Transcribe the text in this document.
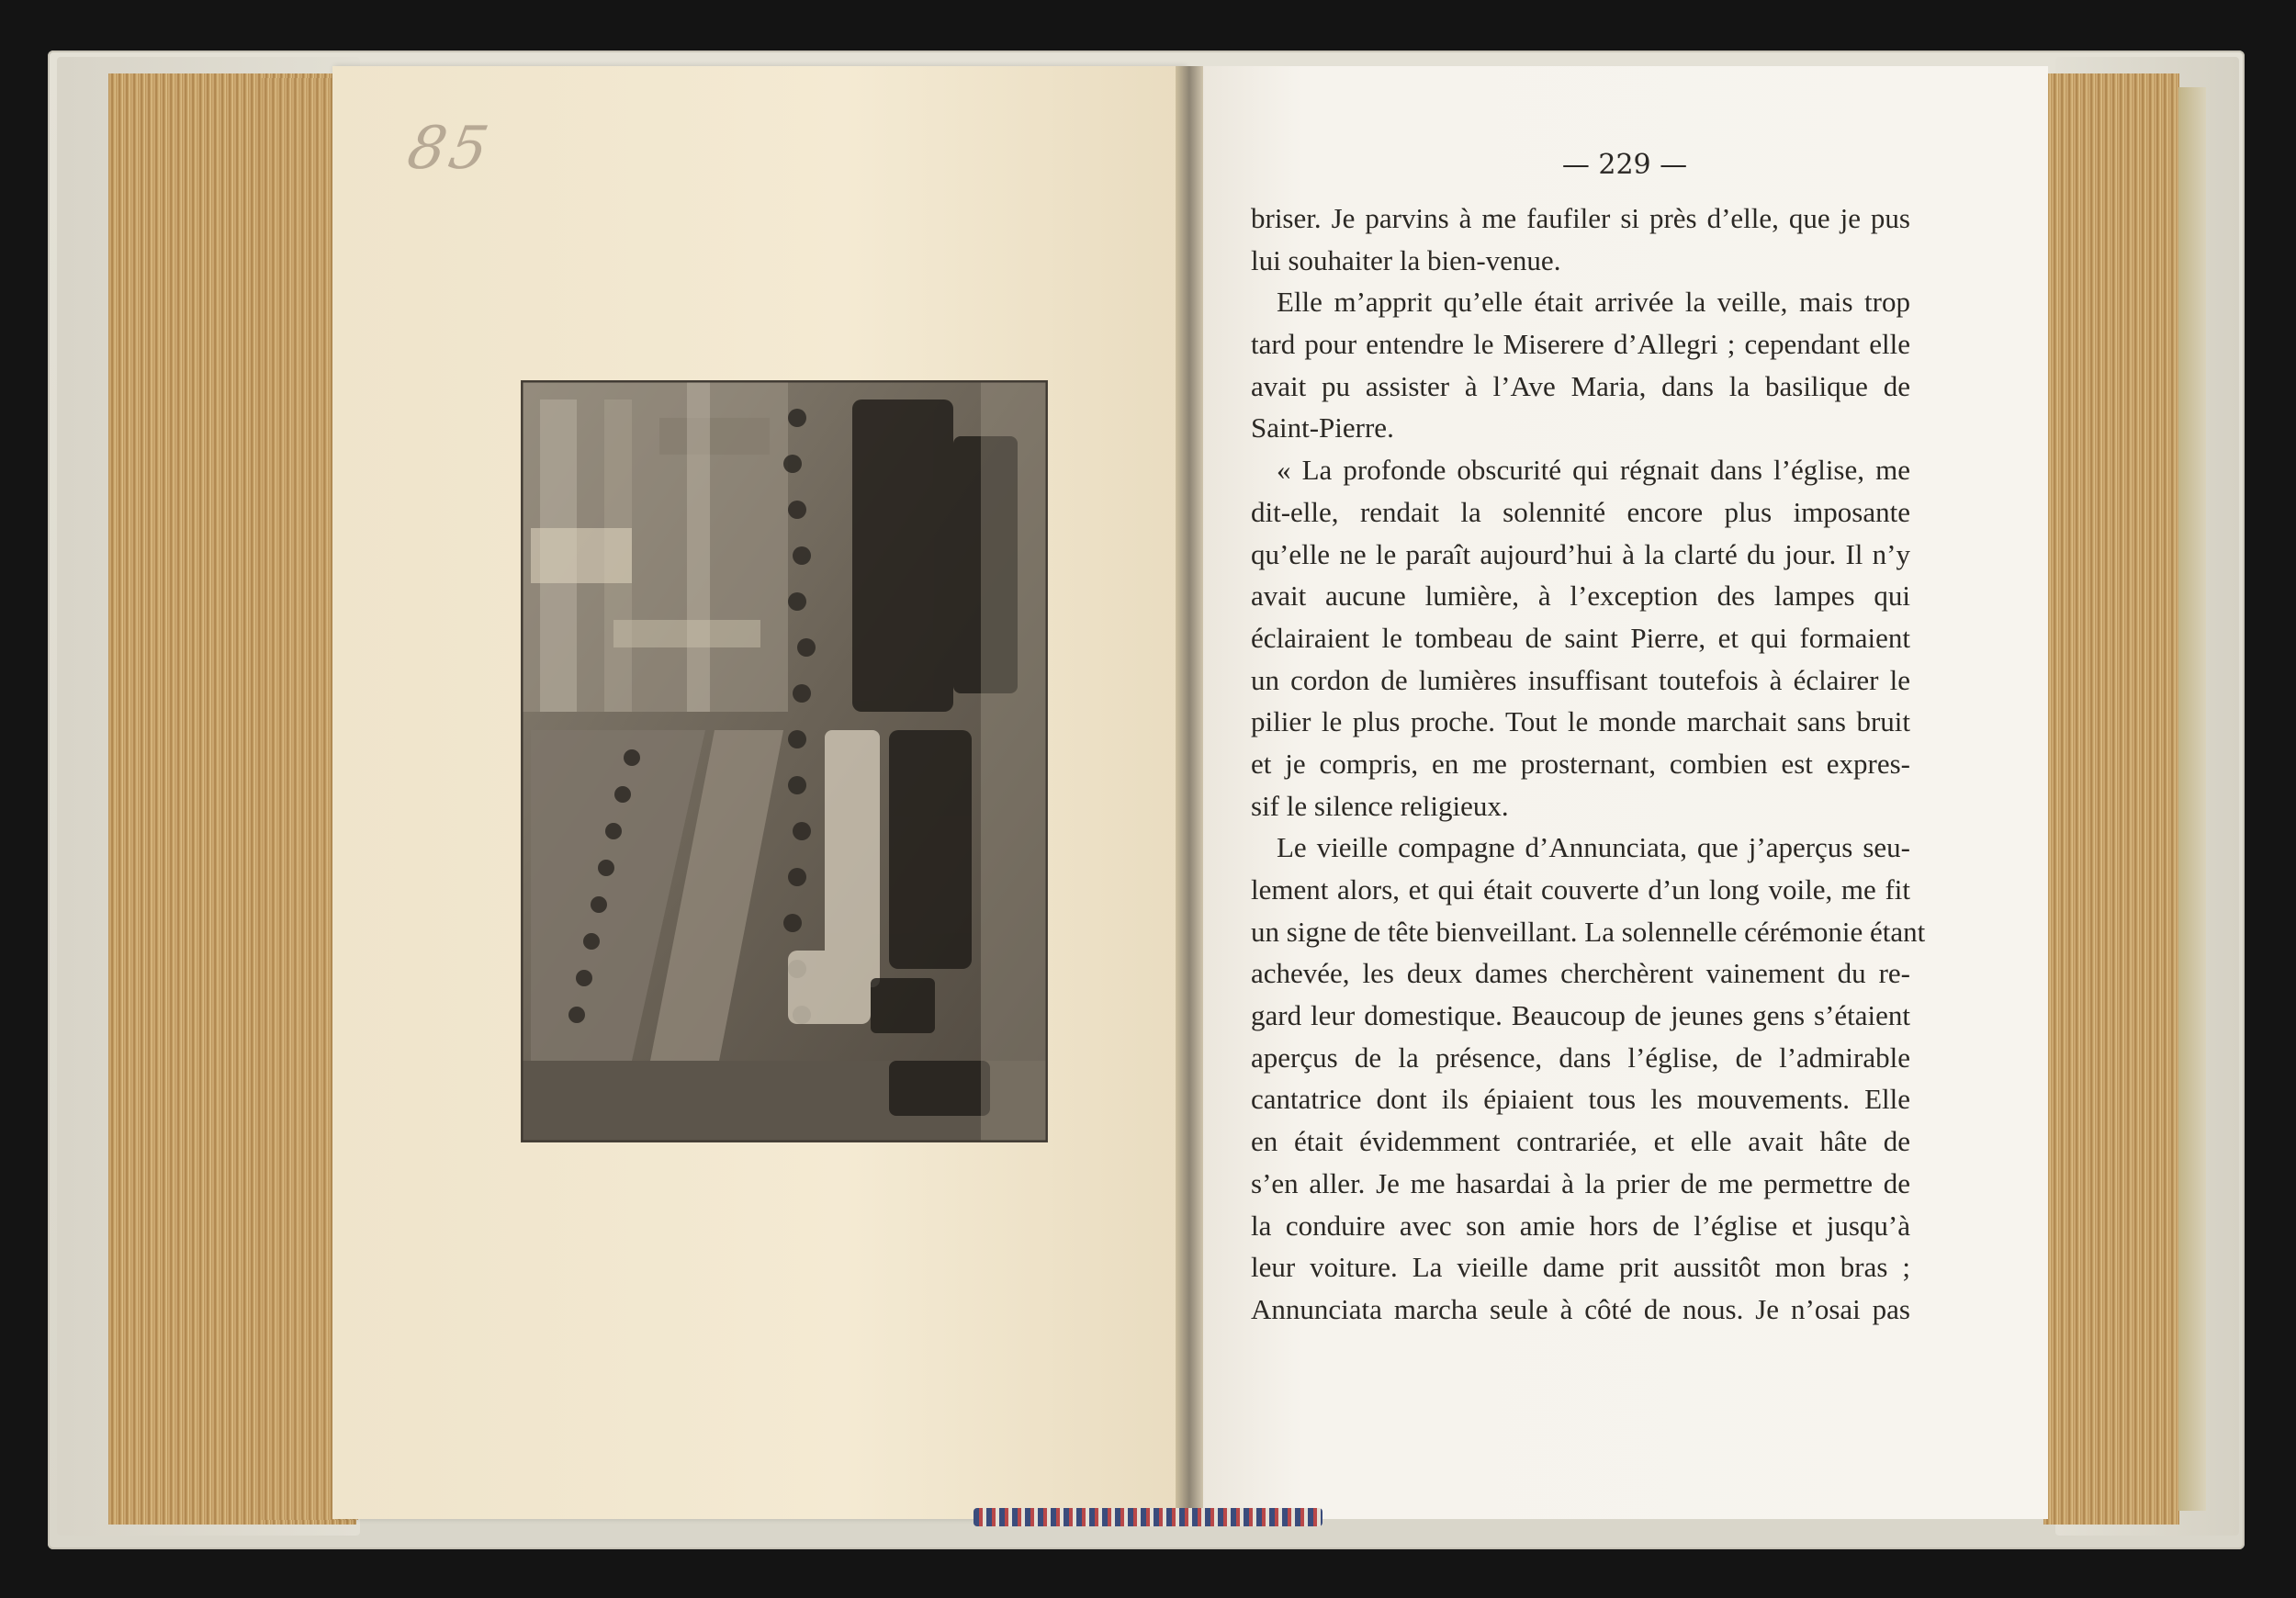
85	— 229 —
briser. Je parvins à me faufiler si près d’elle, que je pus
lui souhaiter la bien-venue.
Elle m’apprit qu’elle était arrivée la veille, mais trop
tard pour entendre le Miserere d’Allegri ; cependant elle
avait pu assister à l’Ave Maria, dans la basilique de
Saint-Pierre.
« La profonde obscurité qui régnait dans l’église, me
dit-elle, rendait la solennité encore plus imposante
qu’elle ne le paraît aujourd’hui à la clarté du jour. Il n’y
avait aucune lumière, à l’exception des lampes qui
éclairaient le tombeau de saint Pierre, et qui formaient
un cordon de lumières insuffisant toutefois à éclairer le
pilier le plus proche. Tout le monde marchait sans bruit
et je compris, en me prosternant, combien est expres-
sif le silence religieux.
Le vieille compagne d’Annunciata, que j’aperçus seu-
lement alors, et qui était couverte d’un long voile, me fit
un signe de tête bienveillant. La solennelle cérémonie étant
achevée, les deux dames cherchèrent vainement du re-
gard leur domestique. Beaucoup de jeunes gens s’étaient
aperçus de la présence, dans l’église, de l’admirable
cantatrice dont ils épiaient tous les mouvements. Elle
en était évidemment contrariée, et elle avait hâte de
s’en aller. Je me hasardai à la prier de me permettre de
la conduire avec son amie hors de l’église et jusqu’à
leur voiture. La vieille dame prit aussitôt mon bras ;
Annunciata marcha seule à côté de nous. Je n’osai pas
